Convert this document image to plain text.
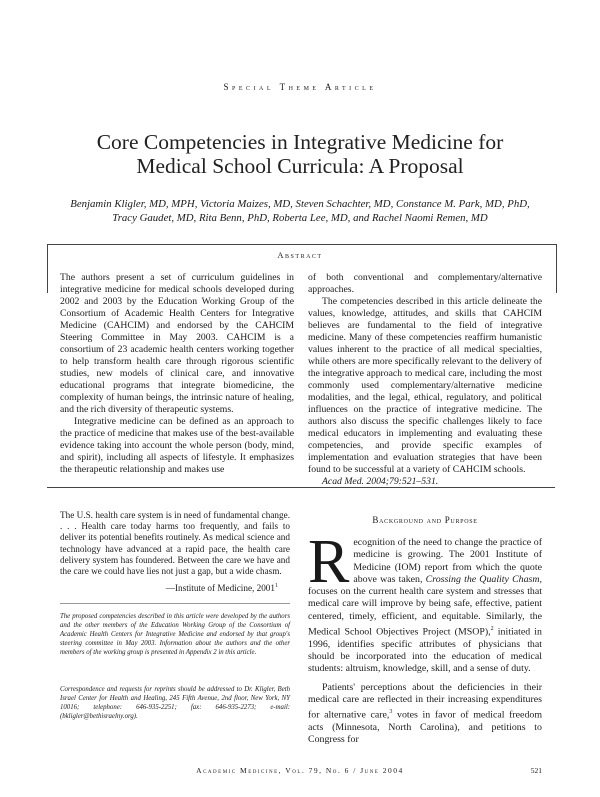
Special Theme Article
Core Competencies in Integrative Medicine for
Medical School Curricula: A Proposal
Benjamin Kligler, MD, MPH, Victoria Maizes, MD, Steven Schachter, MD, Constance M. Park, MD, PhD,
Tracy Gaudet, MD, Rita Benn, PhD, Roberta Lee, MD, and Rachel Naomi Remen, MD
Abstract

The authors present a set of curriculum guidelines in integrative medicine for medical schools developed during 2002 and 2003 by the Education Working Group of the Consortium of Academic Health Centers for Integrative Medicine (CAHCIM) and endorsed by the CAHCIM Steering Committee in May 2003. CAHCIM is a consortium of 23 academic health centers working together to help transform health care through rigorous scientific studies, new models of clinical care, and innovative educational programs that integrate biomedicine, the complexity of human beings, the intrinsic nature of healing, and the rich diversity of therapeutic systems.

Integrative medicine can be defined as an approach to the practice of medicine that makes use of the best-available evidence taking into account the whole person (body, mind, and spirit), including all aspects of lifestyle. It emphasizes the therapeutic relationship and makes use

of both conventional and complementary/alternative approaches.

The competencies described in this article delineate the values, knowledge, attitudes, and skills that CAHCIM believes are fundamental to the field of integrative medicine. Many of these competencies reaffirm humanistic values inherent to the practice of all medical specialties, while others are more specifically relevant to the delivery of the integrative approach to medical care, including the most commonly used complementary/alternative medicine modalities, and the legal, ethical, regulatory, and political influences on the practice of integrative medicine. The authors also discuss the specific challenges likely to face medical educators in implementing and evaluating these competencies, and provide specific examples of implementation and evaluation strategies that have been found to be successful at a variety of CAHCIM schools.

Acad Med. 2004;79:521–531.

The U.S. health care system is in need of fundamental change. . . . Health care today harms too frequently, and fails to deliver its potential benefits routinely. As medical science and technology have advanced at a rapid pace, the health care delivery system has foundered. Between the care we have and the care we could have lies not just a gap, but a wide chasm.
—Institute of Medicine, 2001$^1$
The proposed competencies described in this article were developed by the authors and the other members of the Education Working Group of the Consortium of Academic Health Centers for Integrative Medicine and endorsed by that group's steering committee in May 2003. Information about the authors and the other members of the working group is presented in Appendix 2 in this article.
Correspondence and requests for reprints should be addressed to Dr. Kligler, Beth Israel Center for Health and Healing, 245 Fifth Avenue, 2nd floor, New York, NY 10016; telephone: 646-935-2251; fax: 646-935-2273; e-mail: (bkligler@bethisraelny.org).
Background and Purpose

Recognition of the need to change the practice of medicine is growing. The 2001 Institute of Medicine (IOM) report from which the quote above was taken, Crossing the Quality Chasm, focuses on the current health care system and stresses that medical care will improve by being safe, effective, patient centered, timely, efficient, and equitable. Similarly, the Medical School Objectives Project (MSOP),$^2$ initiated in 1996, identifies specific attributes of physicians that should be incorporated into the education of medical students: altruism, knowledge, skill, and a sense of duty.

Patients' perceptions about the deficiencies in their medical care are reflected in their increasing expenditures for alternative care,$^3$ votes in favor of medical freedom acts (Minnesota, North Carolina), and petitions to Congress for

Academic Medicine, Vol. 79, No. 6 / June 2004	521
